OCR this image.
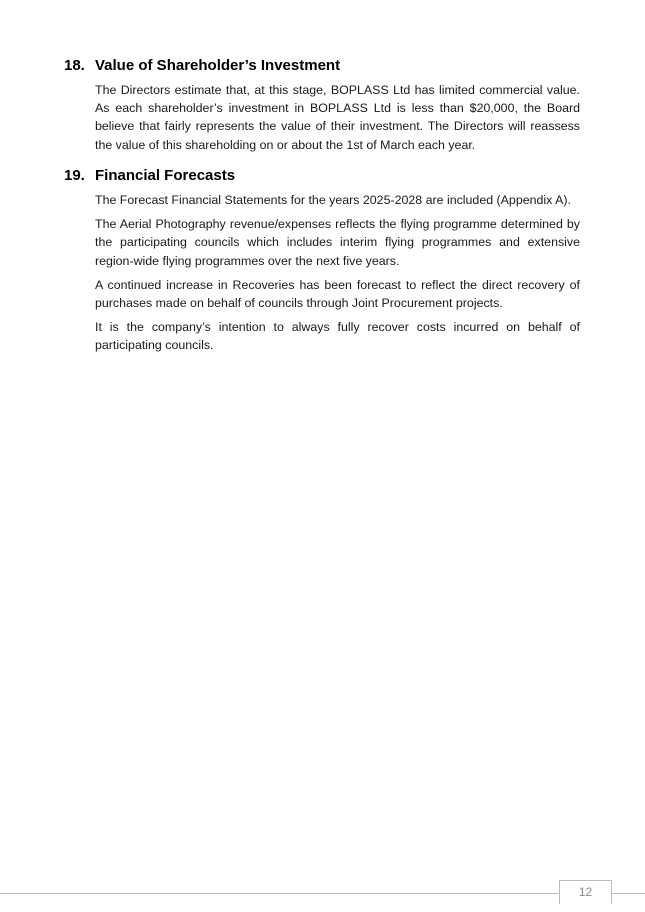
18. Value of Shareholder’s Investment

The Directors estimate that, at this stage, BOPLASS Ltd has limited commercial value. As each shareholder’s investment in BOPLASS Ltd is less than $20,000, the Board believe that fairly represents the value of their investment. The Directors will reassess the value of this shareholding on or about the 1st of March each year.

19. Financial Forecasts

The Forecast Financial Statements for the years 2025-2028 are included (Appendix A).

The Aerial Photography revenue/expenses reflects the flying programme determined by the participating councils which includes interim flying programmes and extensive region-wide flying programmes over the next five years.

A continued increase in Recoveries has been forecast to reflect the direct recovery of purchases made on behalf of councils through Joint Procurement projects.

It is the company’s intention to always fully recover costs incurred on behalf of participating councils.

12
